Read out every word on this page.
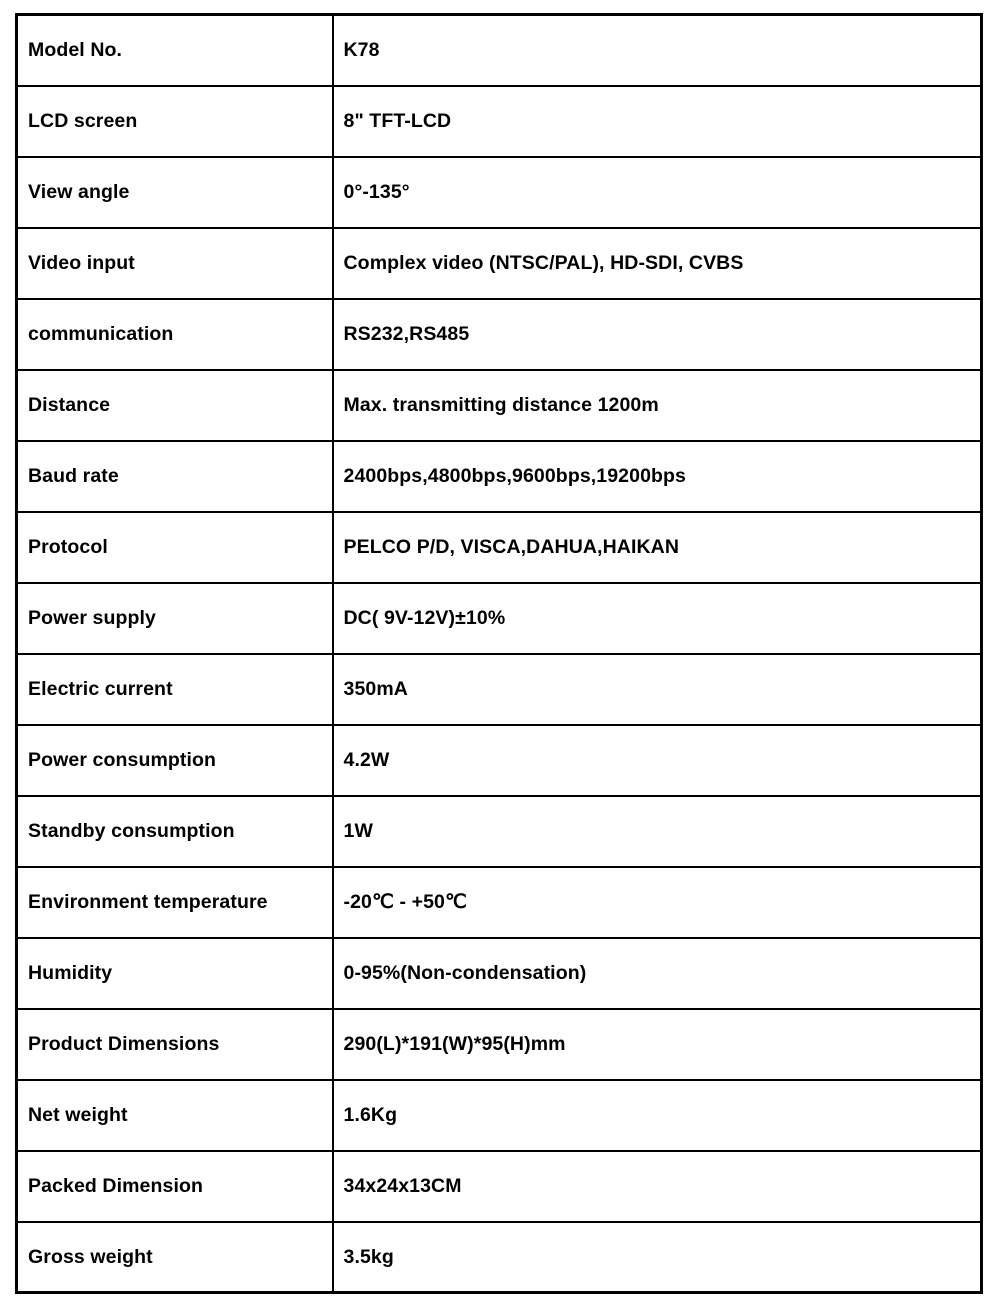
Model No.	K78
LCD screen	8" TFT-LCD
View angle	0°-135°
Video input	Complex video (NTSC/PAL), HD-SDI, CVBS
communication	RS232,RS485
Distance	Max. transmitting distance 1200m
Baud rate	2400bps,4800bps,9600bps,19200bps
Protocol	PELCO P/D, VISCA,DAHUA,HAIKAN
Power supply	DC( 9V-12V)±10%
Electric current	350mA
Power consumption	4.2W
Standby consumption	1W
Environment temperature	-20℃ - +50℃
Humidity	0-95%(Non-condensation)
Product Dimensions	290(L)*191(W)*95(H)mm
Net weight	1.6Kg
Packed Dimension	34x24x13CM
Gross weight	3.5kg
